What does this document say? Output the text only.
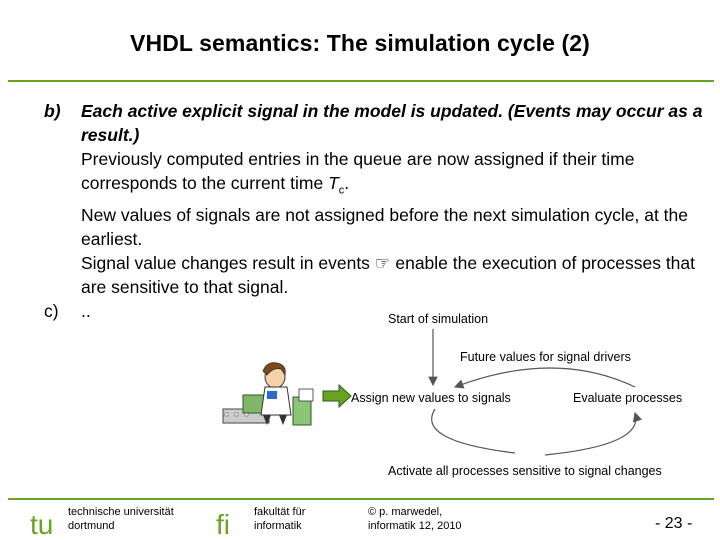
VHDL semantics: The simulation cycle (2)
b) Each active explicit signal in the model is updated. (Events may occur as a result.)
Previously computed entries in the queue are now assigned if their time corresponds to the current time $T_c$.
New values of signals are not assigned before the next simulation cycle, at the earliest.
Signal value changes result in events ☞ enable the execution of processes that are sensitive to that signal.
c) ..	Start of simulation
Future values for signal drivers
Assign new values to signals	Evaluate processes
Activate all processes sensitive to signal changes
tu technische universität
dortmund	fi fakultät für
informatik
© p. marwedel,
informatik 12, 2010	- 23 -
